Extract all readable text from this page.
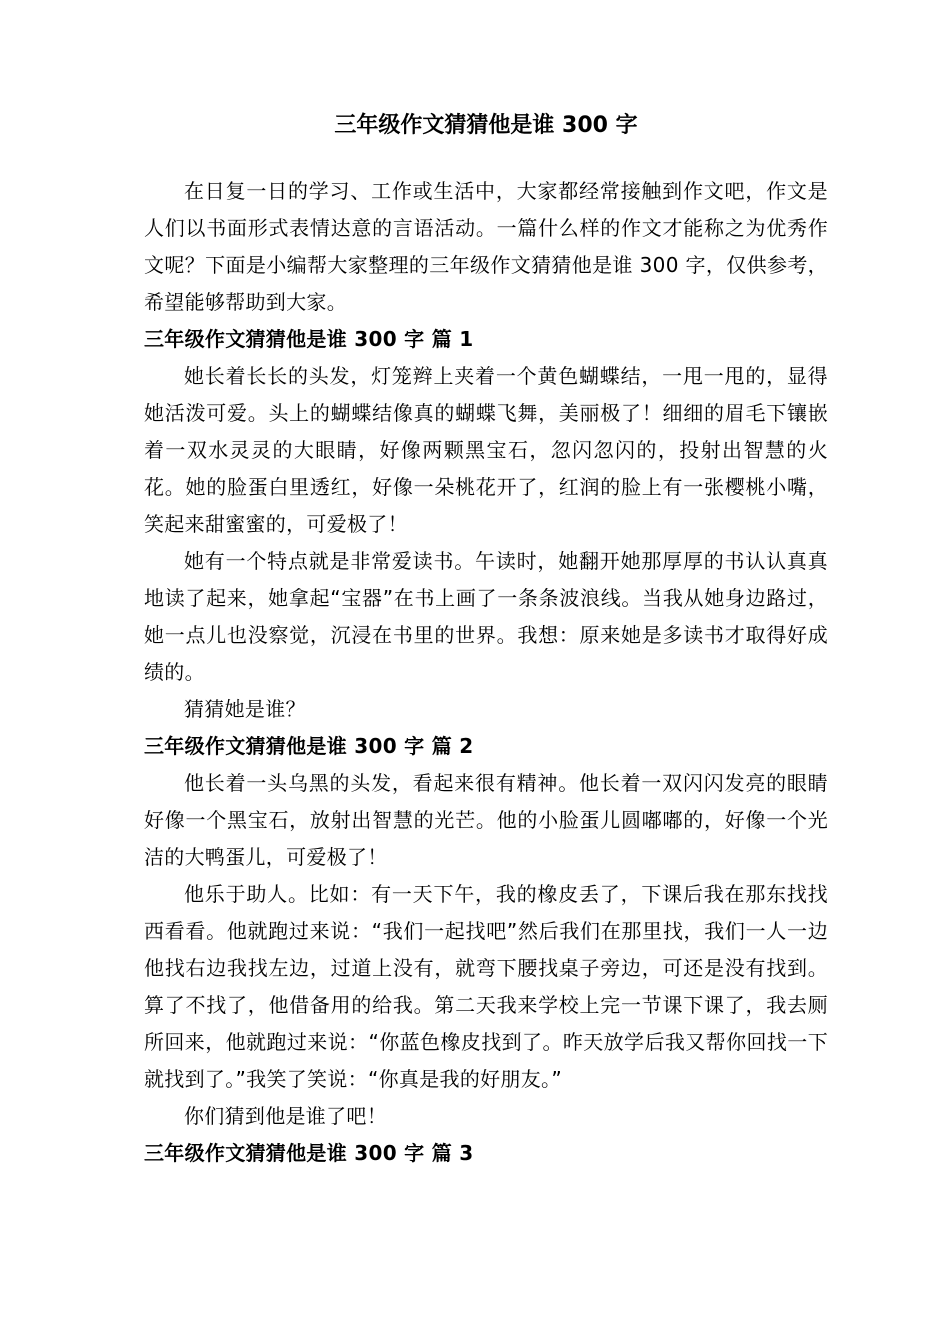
三年级作文猜猜他是谁 300 字

在日复一日的学习、工作或生活中，大家都经常接触到作文吧，作文是人们以书面形式表情达意的言语活动。一篇什么样的作文才能称之为优秀作文呢？下面是小编帮大家整理的三年级作文猜猜他是谁 300 字，仅供参考，希望能够帮助到大家。

三年级作文猜猜他是谁 300 字 篇 1

她长着长长的头发，灯笼辫上夹着一个黄色蝴蝶结，一甩一甩的，显得她活泼可爱。头上的蝴蝶结像真的蝴蝶飞舞，美丽极了！细细的眉毛下镶嵌着一双水灵灵的大眼睛，好像两颗黑宝石，忽闪忽闪的，投射出智慧的火花。她的脸蛋白里透红，好像一朵桃花开了，红润的脸上有一张樱桃小嘴，笑起来甜蜜蜜的，可爱极了！

她有一个特点就是非常爱读书。午读时，她翻开她那厚厚的书认认真真地读了起来，她拿起“宝器”在书上画了一条条波浪线。当我从她身边路过，她一点儿也没察觉，沉浸在书里的世界。我想：原来她是多读书才取得好成绩的。

猜猜她是谁？

三年级作文猜猜他是谁 300 字 篇 2

他长着一头乌黑的头发，看起来很有精神。他长着一双闪闪发亮的眼睛好像一个黑宝石，放射出智慧的光芒。他的小脸蛋儿圆嘟嘟的，好像一个光洁的大鸭蛋儿，可爱极了！

他乐于助人。比如：有一天下午，我的橡皮丢了，下课后我在那东找找西看看。他就跑过来说：“我们一起找吧”然后我们在那里找，我们一人一边他找右边我找左边，过道上没有，就弯下腰找桌子旁边，可还是没有找到。算了不找了，他借备用的给我。第二天我来学校上完一节课下课了，我去厕所回来，他就跑过来说：“你蓝色橡皮找到了。昨天放学后我又帮你回找一下就找到了。”我笑了笑说：“你真是我的好朋友。”

你们猜到他是谁了吧！

三年级作文猜猜他是谁 300 字 篇 3
